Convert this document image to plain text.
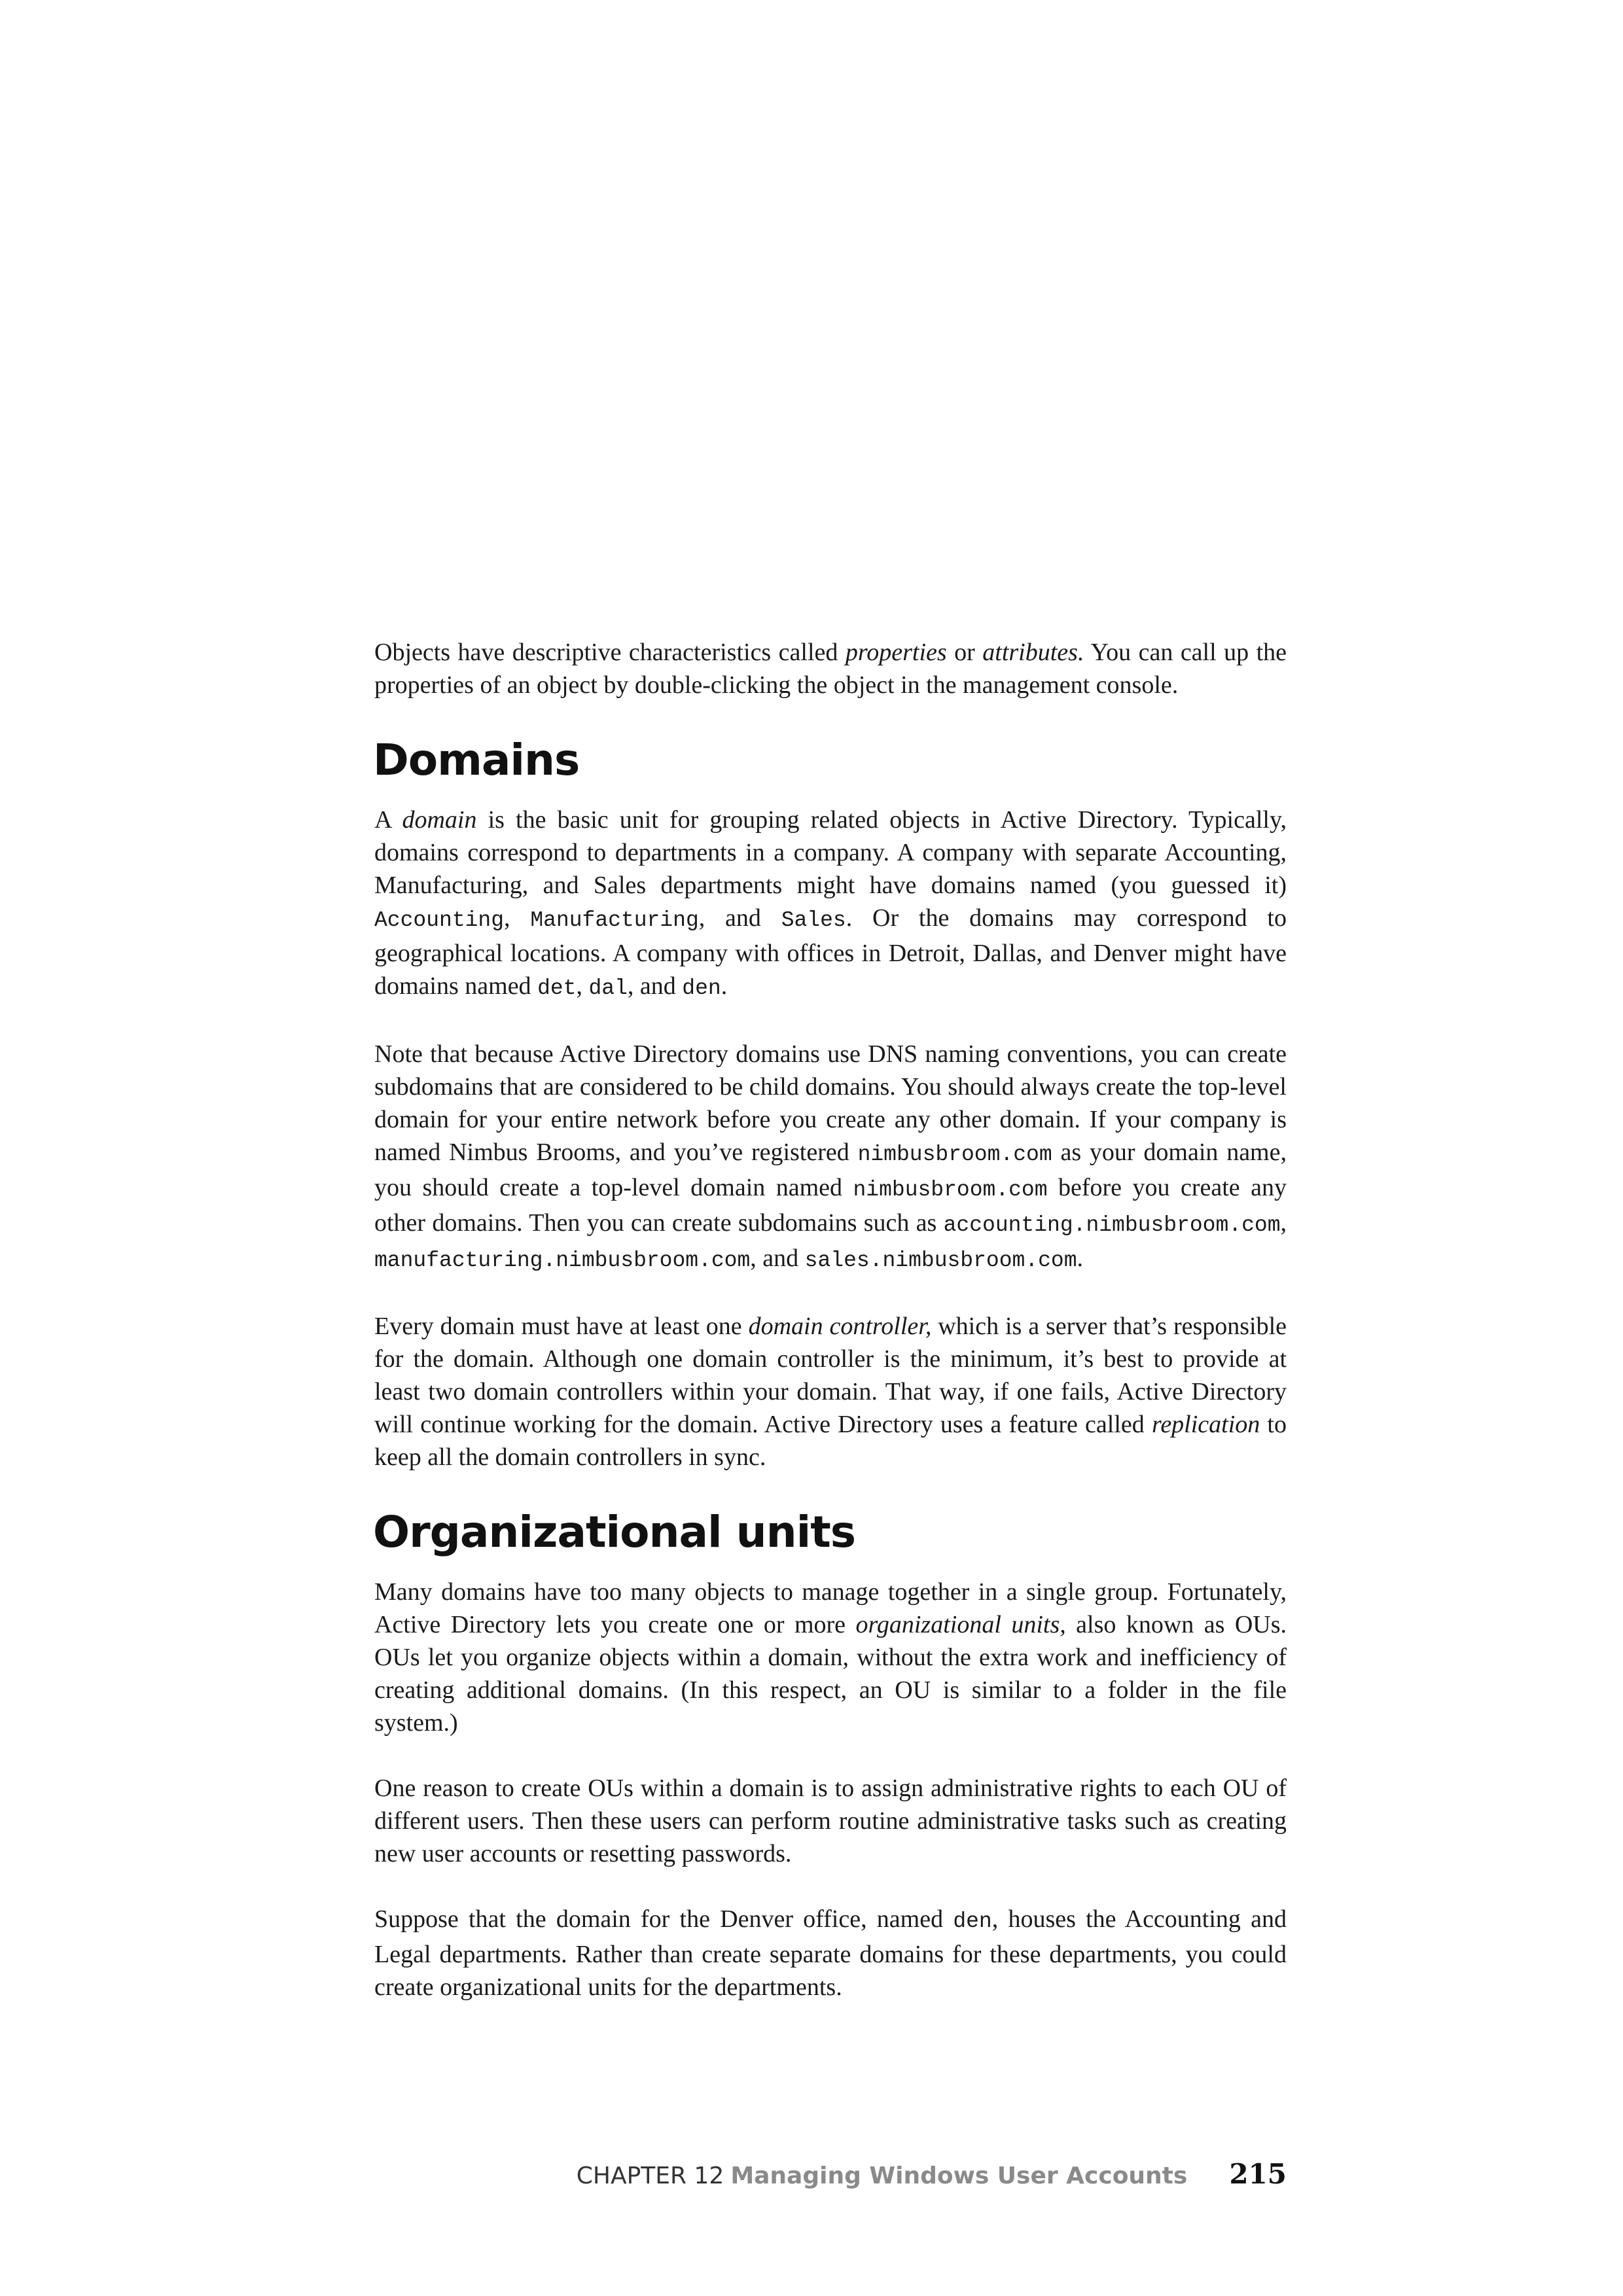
Objects have descriptive characteristics called properties or attributes. You can call up the properties of an object by double-clicking the object in the management console.

Domains

A domain is the basic unit for grouping related objects in Active Directory. Typically, domains correspond to departments in a company. A company with separate Accounting, Manufacturing, and Sales departments might have domains named (you guessed it) Accounting, Manufacturing, and Sales. Or the domains may correspond to geographical locations. A company with offices in Detroit, Dallas, and Denver might have domains named det, dal, and den.

Note that because Active Directory domains use DNS naming conventions, you can create subdomains that are considered to be child domains. You should always create the top-level domain for your entire network before you create any other domain. If your company is named Nimbus Brooms, and you’ve registered nimbusbroom.com as your domain name, you should create a top-level domain named nimbusbroom.com before you create any other domains. Then you can create subdomains such as accounting.nimbusbroom.com, manufacturing.nimbusbroom.com, and sales.nimbusbroom.com.

Every domain must have at least one domain controller, which is a server that’s responsible for the domain. Although one domain controller is the minimum, it’s best to provide at least two domain controllers within your domain. That way, if one fails, Active Directory will continue working for the domain. Active Directory uses a feature called replication to keep all the domain controllers in sync.

Organizational units

Many domains have too many objects to manage together in a single group. Fortunately, Active Directory lets you create one or more organizational units, also known as OUs. OUs let you organize objects within a domain, without the extra work and inefficiency of creating additional domains. (In this respect, an OU is similar to a folder in the file system.)

One reason to create OUs within a domain is to assign administrative rights to each OU of different users. Then these users can perform routine administrative tasks such as creating new user accounts or resetting passwords.

Suppose that the domain for the Denver office, named den, houses the Accounting and Legal departments. Rather than create separate domains for these departments, you could create organizational units for the departments.

CHAPTER 12 Managing Windows User Accounts 215
